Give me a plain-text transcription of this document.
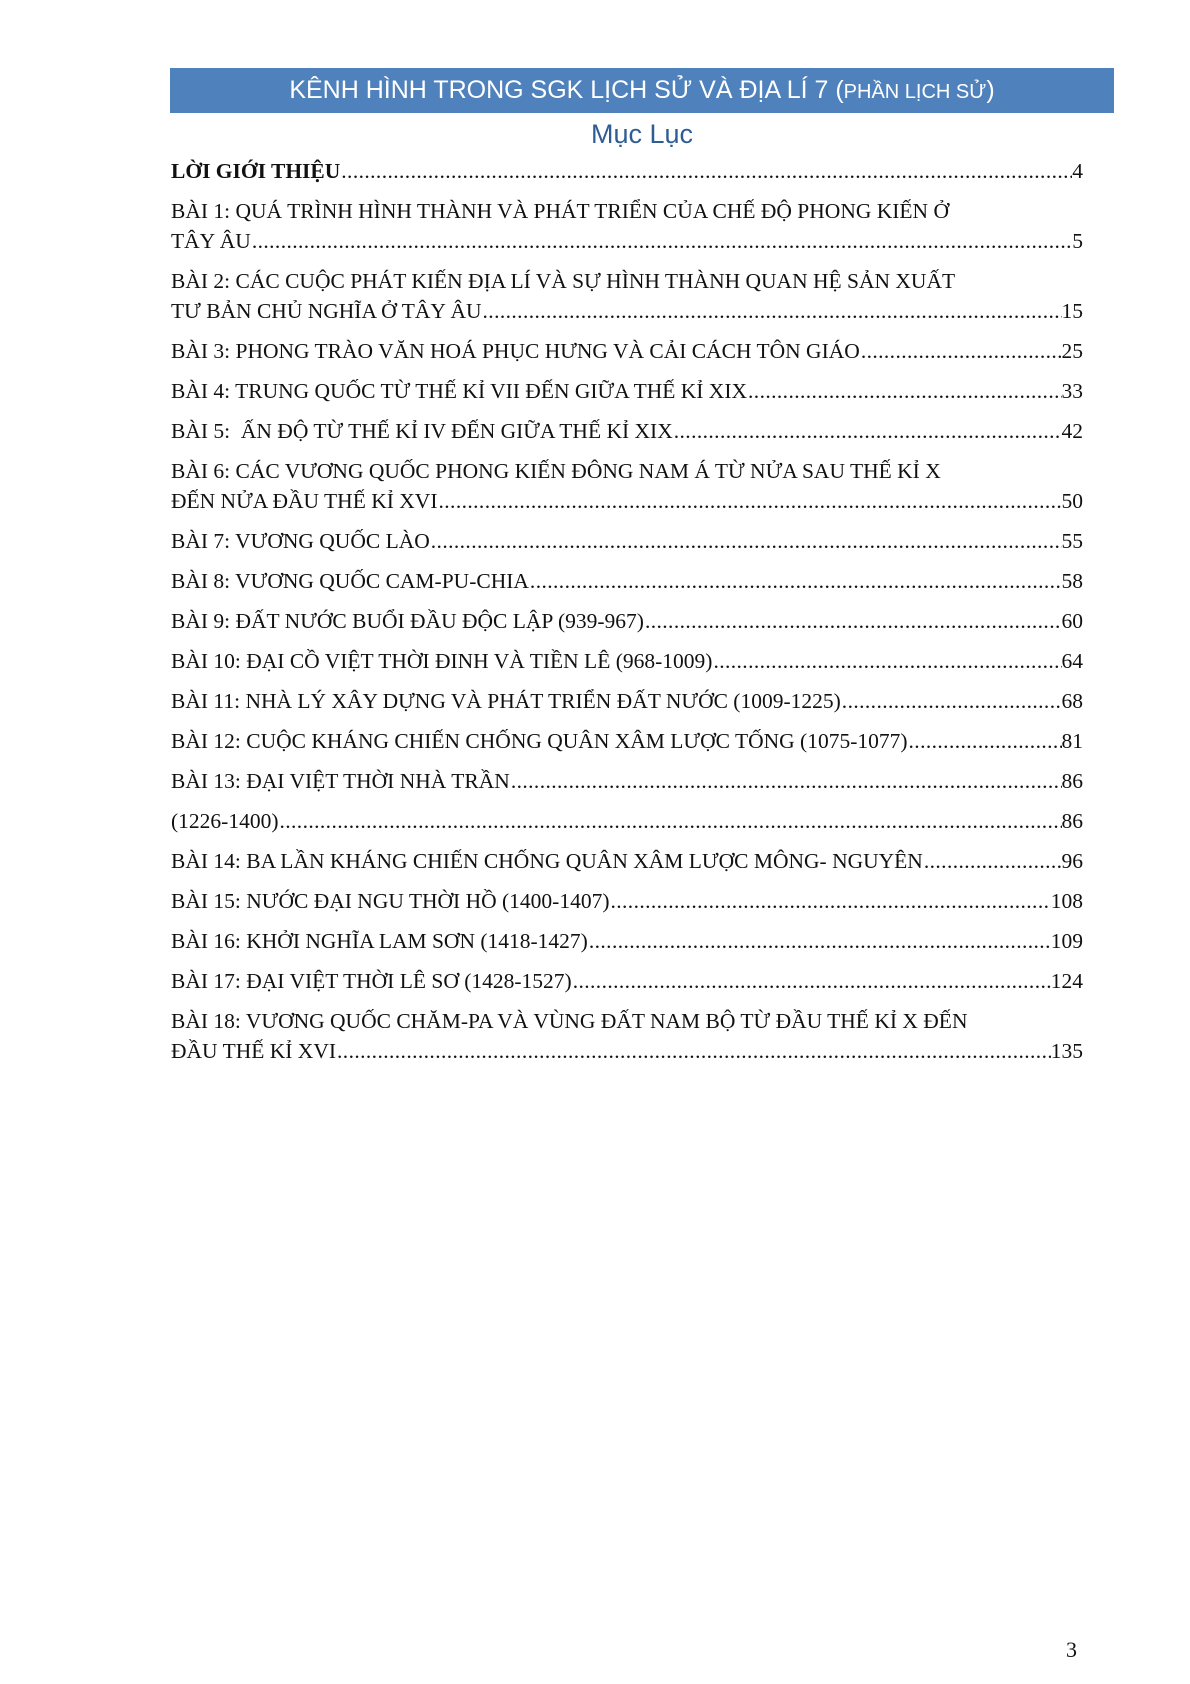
KÊNH HÌNH TRONG SGK LỊCH SỬ VÀ ĐỊA LÍ 7 (PHẦN LỊCH SỬ)
Mục Lục
LỜI GIỚI THIỆU .....	4
BÀI 1: QUÁ TRÌNH HÌNH THÀNH VÀ PHÁT TRIỂN CỦA CHẾ ĐỘ PHONG KIẾN Ở
TÂY ÂU .....	5
BÀI 2: CÁC CUỘC PHÁT KIẾN ĐỊA LÍ VÀ SỰ HÌNH THÀNH QUAN HỆ SẢN XUẤT
TƯ BẢN CHỦ NGHĨA Ở TÂY ÂU .....	15
BÀI 3: PHONG TRÀO VĂN HOÁ PHỤC HƯNG VÀ CẢI CÁCH TÔN GIÁO .....	25
BÀI 4: TRUNG QUỐC TỪ THẾ KỈ VII ĐẾN GIỮA THẾ KỈ XIX .....	33
BÀI 5:  ẤN ĐỘ TỪ THẾ KỈ IV ĐẾN GIỮA THẾ KỈ XIX .....	42
BÀI 6: CÁC VƯƠNG QUỐC PHONG KIẾN ĐÔNG NAM Á TỪ NỬA SAU THẾ KỈ X
ĐẾN NỬA ĐẦU THẾ KỈ XVI .....	50
BÀI 7: VƯƠNG QUỐC LÀO .....	55
BÀI 8: VƯƠNG QUỐC CAM-PU-CHIA .....	58
BÀI 9: ĐẤT NƯỚC BUỔI ĐẦU ĐỘC LẬP (939-967) .....	60
BÀI 10: ĐẠI CỒ VIỆT THỜI ĐINH VÀ TIỀN LÊ (968-1009) .....	64
BÀI 11: NHÀ LÝ XÂY DỰNG VÀ PHÁT TRIỂN ĐẤT NƯỚC (1009-1225) .....	68
BÀI 12: CUỘC KHÁNG CHIẾN CHỐNG QUÂN XÂM LƯỢC TỐNG (1075-1077) .....	81
BÀI 13: ĐẠI VIỆT THỜI NHÀ TRẦN .....	86
(1226-1400) .....	86
BÀI 14: BA LẦN KHÁNG CHIẾN CHỐNG QUÂN XÂM LƯỢC MÔNG- NGUYÊN .....	96
BÀI 15: NƯỚC ĐẠI NGU THỜI HỒ (1400-1407) .....	108
BÀI 16: KHỞI NGHĨA LAM SƠN (1418-1427) .....	109
BÀI 17: ĐẠI VIỆT THỜI LÊ SƠ (1428-1527) .....	124
BÀI 18: VƯƠNG QUỐC CHĂM-PA VÀ VÙNG ĐẤT NAM BỘ TỪ ĐẦU THẾ KỈ X ĐẾN
ĐẦU THẾ KỈ XVI .....	135
3
